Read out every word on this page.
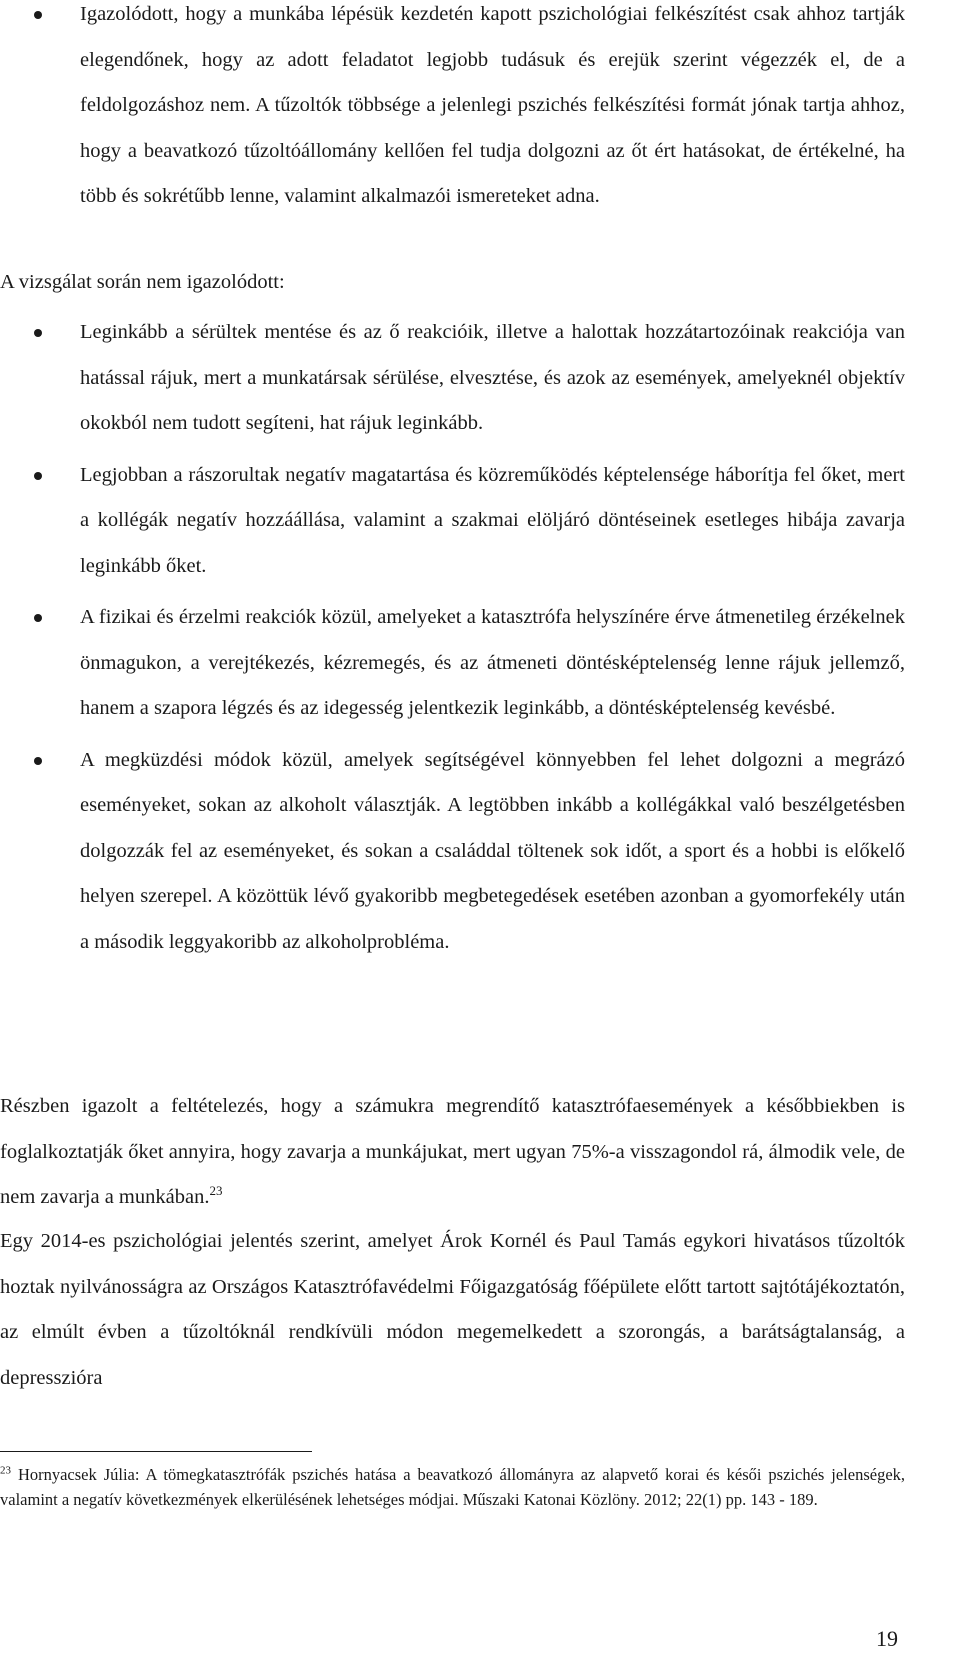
Igazolódott, hogy a munkába lépésük kezdetén kapott pszichológiai felkészítést csak ahhoz tartják elegendőnek, hogy az adott feladatot legjobb tudásuk és erejük szerint végezzék el, de a feldolgozáshoz nem. A tűzoltók többsége a jelenlegi pszichés felkészítési formát jónak tartja ahhoz, hogy a beavatkozó tűzoltóállomány kellően fel tudja dolgozni az őt ért hatásokat, de értékelné, ha több és sokrétűbb lenne, valamint alkalmazói ismereteket adna.

A vizsgálat során nem igazolódott:

Leginkább a sérültek mentése és az ő reakcióik, illetve a halottak hozzátartozóinak reakciója van hatással rájuk, mert a munkatársak sérülése, elvesztése, és azok az események, amelyeknél objektív okokból nem tudott segíteni, hat rájuk leginkább.
Legjobban a rászorultak negatív magatartása és közreműködés képtelensége háborítja fel őket, mert a kollégák negatív hozzáállása, valamint a szakmai elöljáró döntéseinek esetleges hibája zavarja leginkább őket.
A fizikai és érzelmi reakciók közül, amelyeket a katasztrófa helyszínére érve átmenetileg érzékelnek önmagukon, a verejtékezés, kézremegés, és az átmeneti döntésképtelenség lenne rájuk jellemző, hanem a szapora légzés és az idegesség jelentkezik leginkább, a döntésképtelenség kevésbé.
A megküzdési módok közül, amelyek segítségével könnyebben fel lehet dolgozni a megrázó eseményeket, sokan az alkoholt választják. A legtöbben inkább a kollégákkal való beszélgetésben dolgozzák fel az eseményeket, és sokan a családdal töltenek sok időt, a sport és a hobbi is előkelő helyen szerepel. A közöttük lévő gyakoribb megbetegedések esetében azonban a gyomorfekély után a második leggyakoribb az alkoholprobléma.

Részben igazolt a feltételezés, hogy a számukra megrendítő katasztrófaesemények a későbbiekben is foglalkoztatják őket annyira, hogy zavarja a munkájukat, mert ugyan 75%-a visszagondol rá, álmodik vele, de nem zavarja a munkában.$^{23}$

Egy 2014-es pszichológiai jelentés szerint, amelyet Árok Kornél és Paul Tamás egykori hivatásos tűzoltók hoztak nyilvánosságra az Országos Katasztrófavédelmi Főigazgatóság főépülete előtt tartott sajtótájékoztatón, az elmúlt évben a tűzoltóknál rendkívüli módon megemelkedett a szorongás, a barátságtalanság, a depresszióra

$^{23}$ Hornyacsek Júlia: A tömegkatasztrófák pszichés hatása a beavatkozó állományra az alapvető korai és késői pszichés jelenségek, valamint a negatív következmények elkerülésének lehetséges módjai. Műszaki Katonai Közlöny. 2012; 22(1) pp. 143 - 189.

19
